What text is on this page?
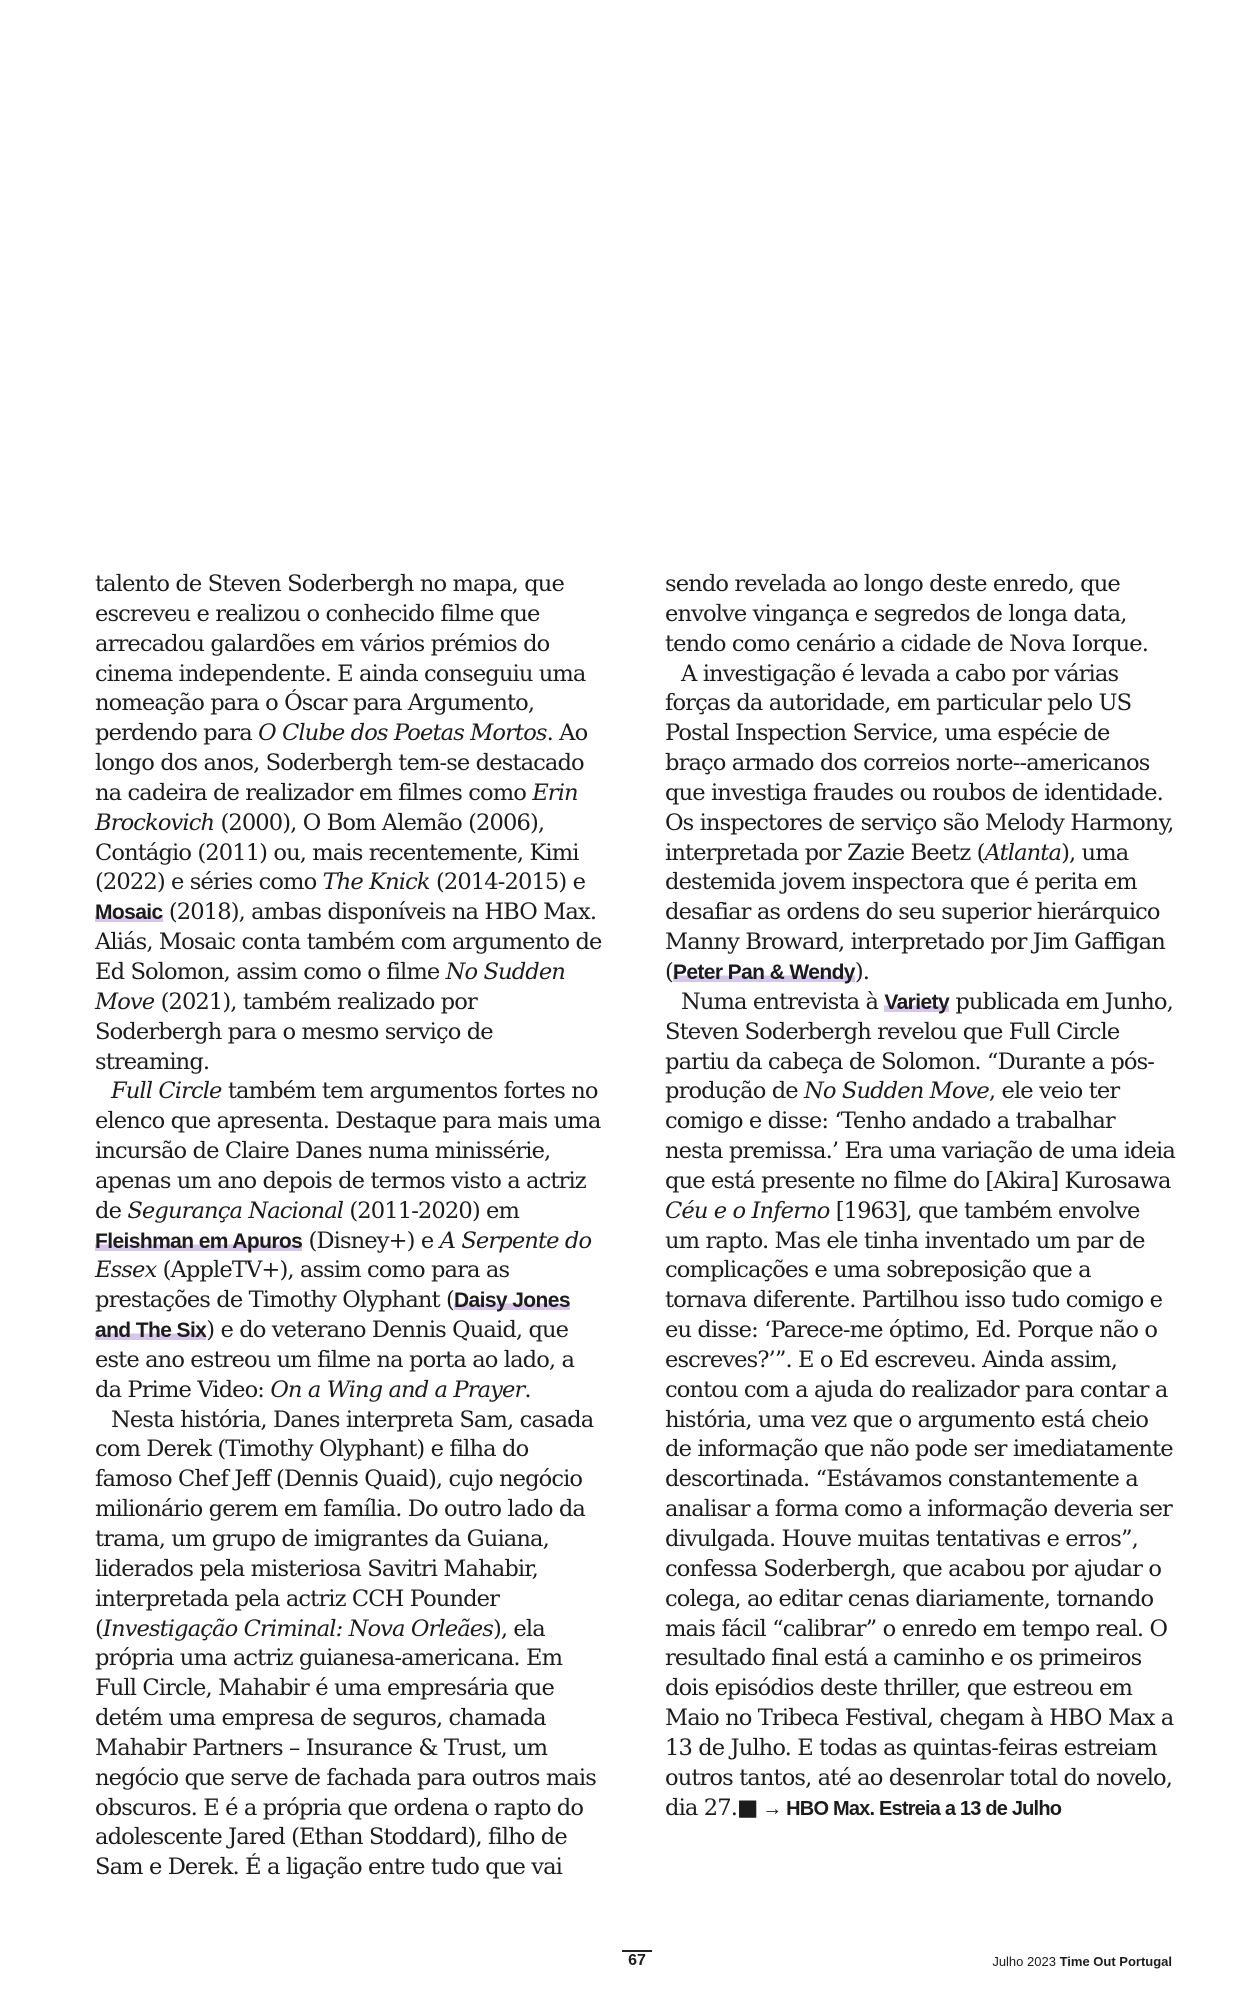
talento de Steven Soderbergh no mapa, que escreveu e realizou o conhecido filme que arrecadou galardões em vários prémios do cinema independente. E ainda conseguiu uma nomeação para o Óscar para Argumento, perdendo para O Clube dos Poetas Mortos. Ao longo dos anos, Soderbergh tem-se destacado na cadeira de realizador em filmes como Erin Brockovich (2000), O Bom Alemão (2006), Contágio (2011) ou, mais recentemente, Kimi (2022) e séries como The Knick (2014-2015) e Mosaic (2018), ambas disponíveis na HBO Max. Aliás, Mosaic conta também com argumento de Ed Solomon, assim como o filme No Sudden Move (2021), também realizado por Soderbergh para o mesmo serviço de streaming.

Full Circle também tem argumentos fortes no elenco que apresenta. Destaque para mais uma incursão de Claire Danes numa minissérie, apenas um ano depois de termos visto a actriz de Segurança Nacional (2011-2020) em Fleishman em Apuros (Disney+) e A Serpente do Essex (AppleTV+), assim como para as prestações de Timothy Olyphant (Daisy Jones and The Six) e do veterano Dennis Quaid, que este ano estreou um filme na porta ao lado, a da Prime Video: On a Wing and a Prayer.

Nesta história, Danes interpreta Sam, casada com Derek (Timothy Olyphant) e filha do famoso Chef Jeff (Dennis Quaid), cujo negócio milionário gerem em família. Do outro lado da trama, um grupo de imigrantes da Guiana, liderados pela misteriosa Savitri Mahabir, interpretada pela actriz CCH Pounder (Investigação Criminal: Nova Orleães), ela própria uma actriz guianesa-americana. Em Full Circle, Mahabir é uma empresária que detém uma empresa de seguros, chamada Mahabir Partners – Insurance & Trust, um negócio que serve de fachada para outros mais obscuros. E é a própria que ordena o rapto do adolescente Jared (Ethan Stoddard), filho de Sam e Derek. É a ligação entre tudo que vai

sendo revelada ao longo deste enredo, que envolve vingança e segredos de longa data, tendo como cenário a cidade de Nova Iorque.

A investigação é levada a cabo por várias forças da autoridade, em particular pelo US Postal Inspection Service, uma espécie de braço armado dos correios norte--americanos que investiga fraudes ou roubos de identidade. Os inspectores de serviço são Melody Harmony, interpretada por Zazie Beetz (Atlanta), uma destemida jovem inspectora que é perita em desafiar as ordens do seu superior hierárquico Manny Broward, interpretado por Jim Gaffigan (Peter Pan & Wendy).

Numa entrevista à Variety publicada em Junho, Steven Soderbergh revelou que Full Circle partiu da cabeça de Solomon. “Durante a pós-produção de No Sudden Move, ele veio ter comigo e disse: ‘Tenho andado a trabalhar nesta premissa.’ Era uma variação de uma ideia que está presente no filme do [Akira] Kurosawa Céu e o Inferno [1963], que também envolve um rapto. Mas ele tinha inventado um par de complicações e uma sobreposição que a tornava diferente. Partilhou isso tudo comigo e eu disse: ‘Parece-me óptimo, Ed. Porque não o escreves?’”. E o Ed escreveu. Ainda assim, contou com a ajuda do realizador para contar a história, uma vez que o argumento está cheio de informação que não pode ser imediatamente descortinada. “Estávamos constantemente a analisar a forma como a informação deveria ser divulgada. Houve muitas tentativas e erros”, confessa Soderbergh, que acabou por ajudar o colega, ao editar cenas diariamente, tornando mais fácil “calibrar” o enredo em tempo real. O resultado final está a caminho e os primeiros dois episódios deste thriller, que estreou em Maio no Tribeca Festival, chegam à HBO Max a 13 de Julho. E todas as quintas-feiras estreiam outros tantos, até ao desenrolar total do novelo, dia 27.■ → HBO Max. Estreia a 13 de Julho

67	Julho 2023 Time Out Portugal
